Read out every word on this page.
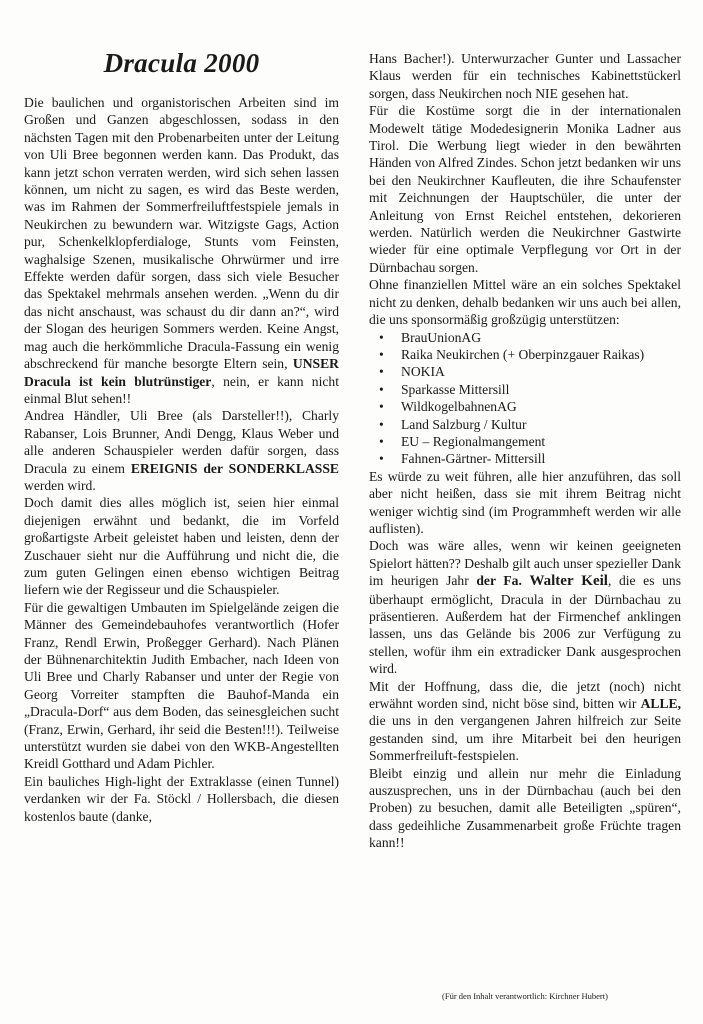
Dracula 2000

Die baulichen und organistorischen Arbeiten sind im Großen und Ganzen abgeschlossen, sodass in den nächsten Tagen mit den Probenarbeiten unter der Leitung von Uli Bree begonnen werden kann. Das Produkt, das kann jetzt schon verraten werden, wird sich sehen lassen können, um nicht zu sagen, es wird das Beste werden, was im Rahmen der Sommerfreiluftfestspiele jemals in Neukirchen zu bewundern war. Witzigste Gags, Action pur, Schenkelklopferdialoge, Stunts vom Feinsten, waghalsige Szenen, musikalische Ohrwürmer und irre Effekte werden dafür sorgen, dass sich viele Besucher das Spektakel mehrmals ansehen werden. „Wenn du dir das nicht anschaust, was schaust du dir dann an?“, wird der Slogan des heurigen Sommers werden. Keine Angst, mag auch die herkömmliche Dracula-Fassung ein wenig abschreckend für manche besorgte Eltern sein, UNSER Dracula ist kein blutrünstiger, nein, er kann nicht einmal Blut sehen!!

Andrea Händler, Uli Bree (als Darsteller!!), Charly Rabanser, Lois Brunner, Andi Dengg, Klaus Weber und alle anderen Schauspieler werden dafür sorgen, dass Dracula zu einem EREIGNIS der SONDERKLASSE werden wird.

Doch damit dies alles möglich ist, seien hier einmal diejenigen erwähnt und bedankt, die im Vorfeld großartigste Arbeit geleistet haben und leisten, denn der Zuschauer sieht nur die Aufführung und nicht die, die zum guten Gelingen einen ebenso wichtigen Beitrag liefern wie der Regisseur und die Schauspieler.

Für die gewaltigen Umbauten im Spielgelände zeigen die Männer des Gemeindebauhofes verantwortlich (Hofer Franz, Rendl Erwin, Proßegger Gerhard). Nach Plänen der Bühnenarchitektin Judith Embacher, nach Ideen von Uli Bree und Charly Rabanser und unter der Regie von Georg Vorreiter stampften die Bauhof-Manda ein „Dracula-Dorf“ aus dem Boden, das seinesgleichen sucht (Franz, Erwin, Gerhard, ihr seid die Besten!!!). Teilweise unterstützt wurden sie dabei von den WKB-Angestellten Kreidl Gotthard und Adam Pichler.

Ein bauliches High-light der Extraklasse (einen Tunnel) verdanken wir der Fa. Stöckl / Hollersbach, die diesen kostenlos baute (danke,

Hans Bacher!). Unterwurzacher Gunter und Lassacher Klaus werden für ein technisches Kabinettstückerl sorgen, dass Neukirchen noch NIE gesehen hat.

Für die Kostüme sorgt die in der internationalen Modewelt tätige Modedesignerin Monika Ladner aus Tirol. Die Werbung liegt wieder in den bewährten Händen von Alfred Zindes. Schon jetzt bedanken wir uns bei den Neukirchner Kaufleuten, die ihre Schaufenster mit Zeichnungen der Hauptschüler, die unter der Anleitung von Ernst Reichel entstehen, dekorieren werden. Natürlich werden die Neukirchner Gastwirte wieder für eine optimale Verpflegung vor Ort in der Dürnbachau sorgen.

Ohne finanziellen Mittel wäre an ein solches Spektakel nicht zu denken, dehalb bedanken wir uns auch bei allen, die uns sponsormäßig großzügig unterstützen:

• BrauUnionAG
• Raika Neukirchen (+ Oberpinzgauer Raikas)
• NOKIA
• Sparkasse Mittersill
• WildkogelbahnenAG
• Land Salzburg / Kultur
• EU – Regionalmangement
• Fahnen-Gärtner- Mittersill

Es würde zu weit führen, alle hier anzuführen, das soll aber nicht heißen, dass sie mit ihrem Beitrag nicht weniger wichtig sind (im Programmheft werden wir alle auflisten).

Doch was wäre alles, wenn wir keinen geeigneten Spielort hätten?? Deshalb gilt auch unser spezieller Dank im heurigen Jahr der Fa. Walter Keil, die es uns überhaupt ermöglicht, Dracula in der Dürnbachau zu präsentieren. Außerdem hat der Firmenchef anklingen lassen, uns das Gelände bis 2006 zur Verfügung zu stellen, wofür ihm ein extradicker Dank ausgesprochen wird.

Mit der Hoffnung, dass die, die jetzt (noch) nicht erwähnt worden sind, nicht böse sind, bitten wir ALLE, die uns in den vergangenen Jahren hilfreich zur Seite gestanden sind, um ihre Mitarbeit bei den heurigen Sommerfreiluft-festspielen.

Bleibt einzig und allein nur mehr die Einladung auszusprechen, uns in der Dürnbachau (auch bei den Proben) zu besuchen, damit alle Beteiligten „spüren“, dass gedeihliche Zusammenarbeit große Früchte tragen kann!!

(Für den Inhalt verantwortlich: Kirchner Hubert)
